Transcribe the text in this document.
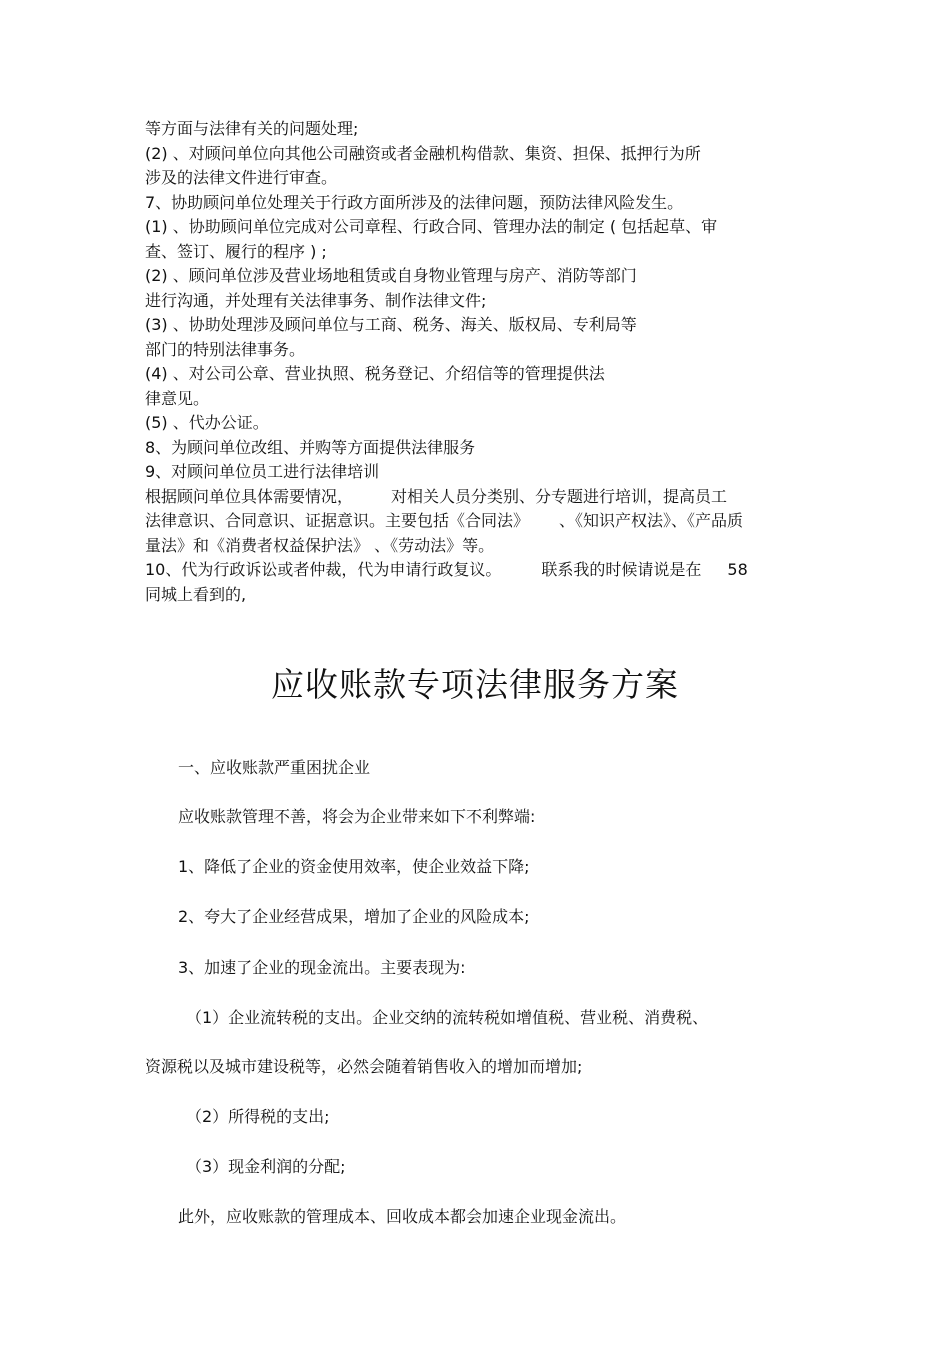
等方面与法律有关的问题处理;
(2) 、对顾问单位向其他公司融资或者金融机构借款、集资、担保、抵押行为所
涉及的法律文件进行审查。
7、协助顾问单位处理关于行政方面所涉及的法律问题，预防法律风险发生。
(1) 、协助顾问单位完成对公司章程、行政合同、管理办法的制定 ( 包括起草、审
查、签订、履行的程序 ) ;
(2) 、顾问单位涉及营业场地租赁或自身物业管理与房产、消防等部门
进行沟通，并处理有关法律事务、制作法律文件;
(3) 、协助处理涉及顾问单位与工商、税务、海关、版权局、专利局等
部门的特别法律事务。
(4) 、对公司公章、营业执照、税务登记、介绍信等的管理提供法
律意见。
(5) 、代办公证。
8、为顾问单位改组、并购等方面提供法律服务
9、对顾问单位员工进行法律培训
根据顾问单位具体需要情况， 对相关人员分类别、分专题进行培训，提高员工
法律意识、合同意识、证据意识。主要包括《合同法》 、《知识产权法》、《产品质
量法》和《消费者权益保护法》 、《劳动法》等。
10、代为行政诉讼或者仲裁，代为申请行政复议。	联系我的时候请说是在 58
同城上看到的,
应收账款专项法律服务方案
一、应收账款严重困扰企业
应收账款管理不善，将会为企业带来如下不利弊端:
1、降低了企业的资金使用效率，使企业效益下降;
2、夸大了企业经营成果，增加了企业的风险成本;
3、加速了企业的现金流出。主要表现为:
（1）企业流转税的支出。企业交纳的流转税如增值税、营业税、消费税、
资源税以及城市建设税等，必然会随着销售收入的增加而增加;
（2）所得税的支出;
（3）现金利润的分配;
此外，应收账款的管理成本、回收成本都会加速企业现金流出。
